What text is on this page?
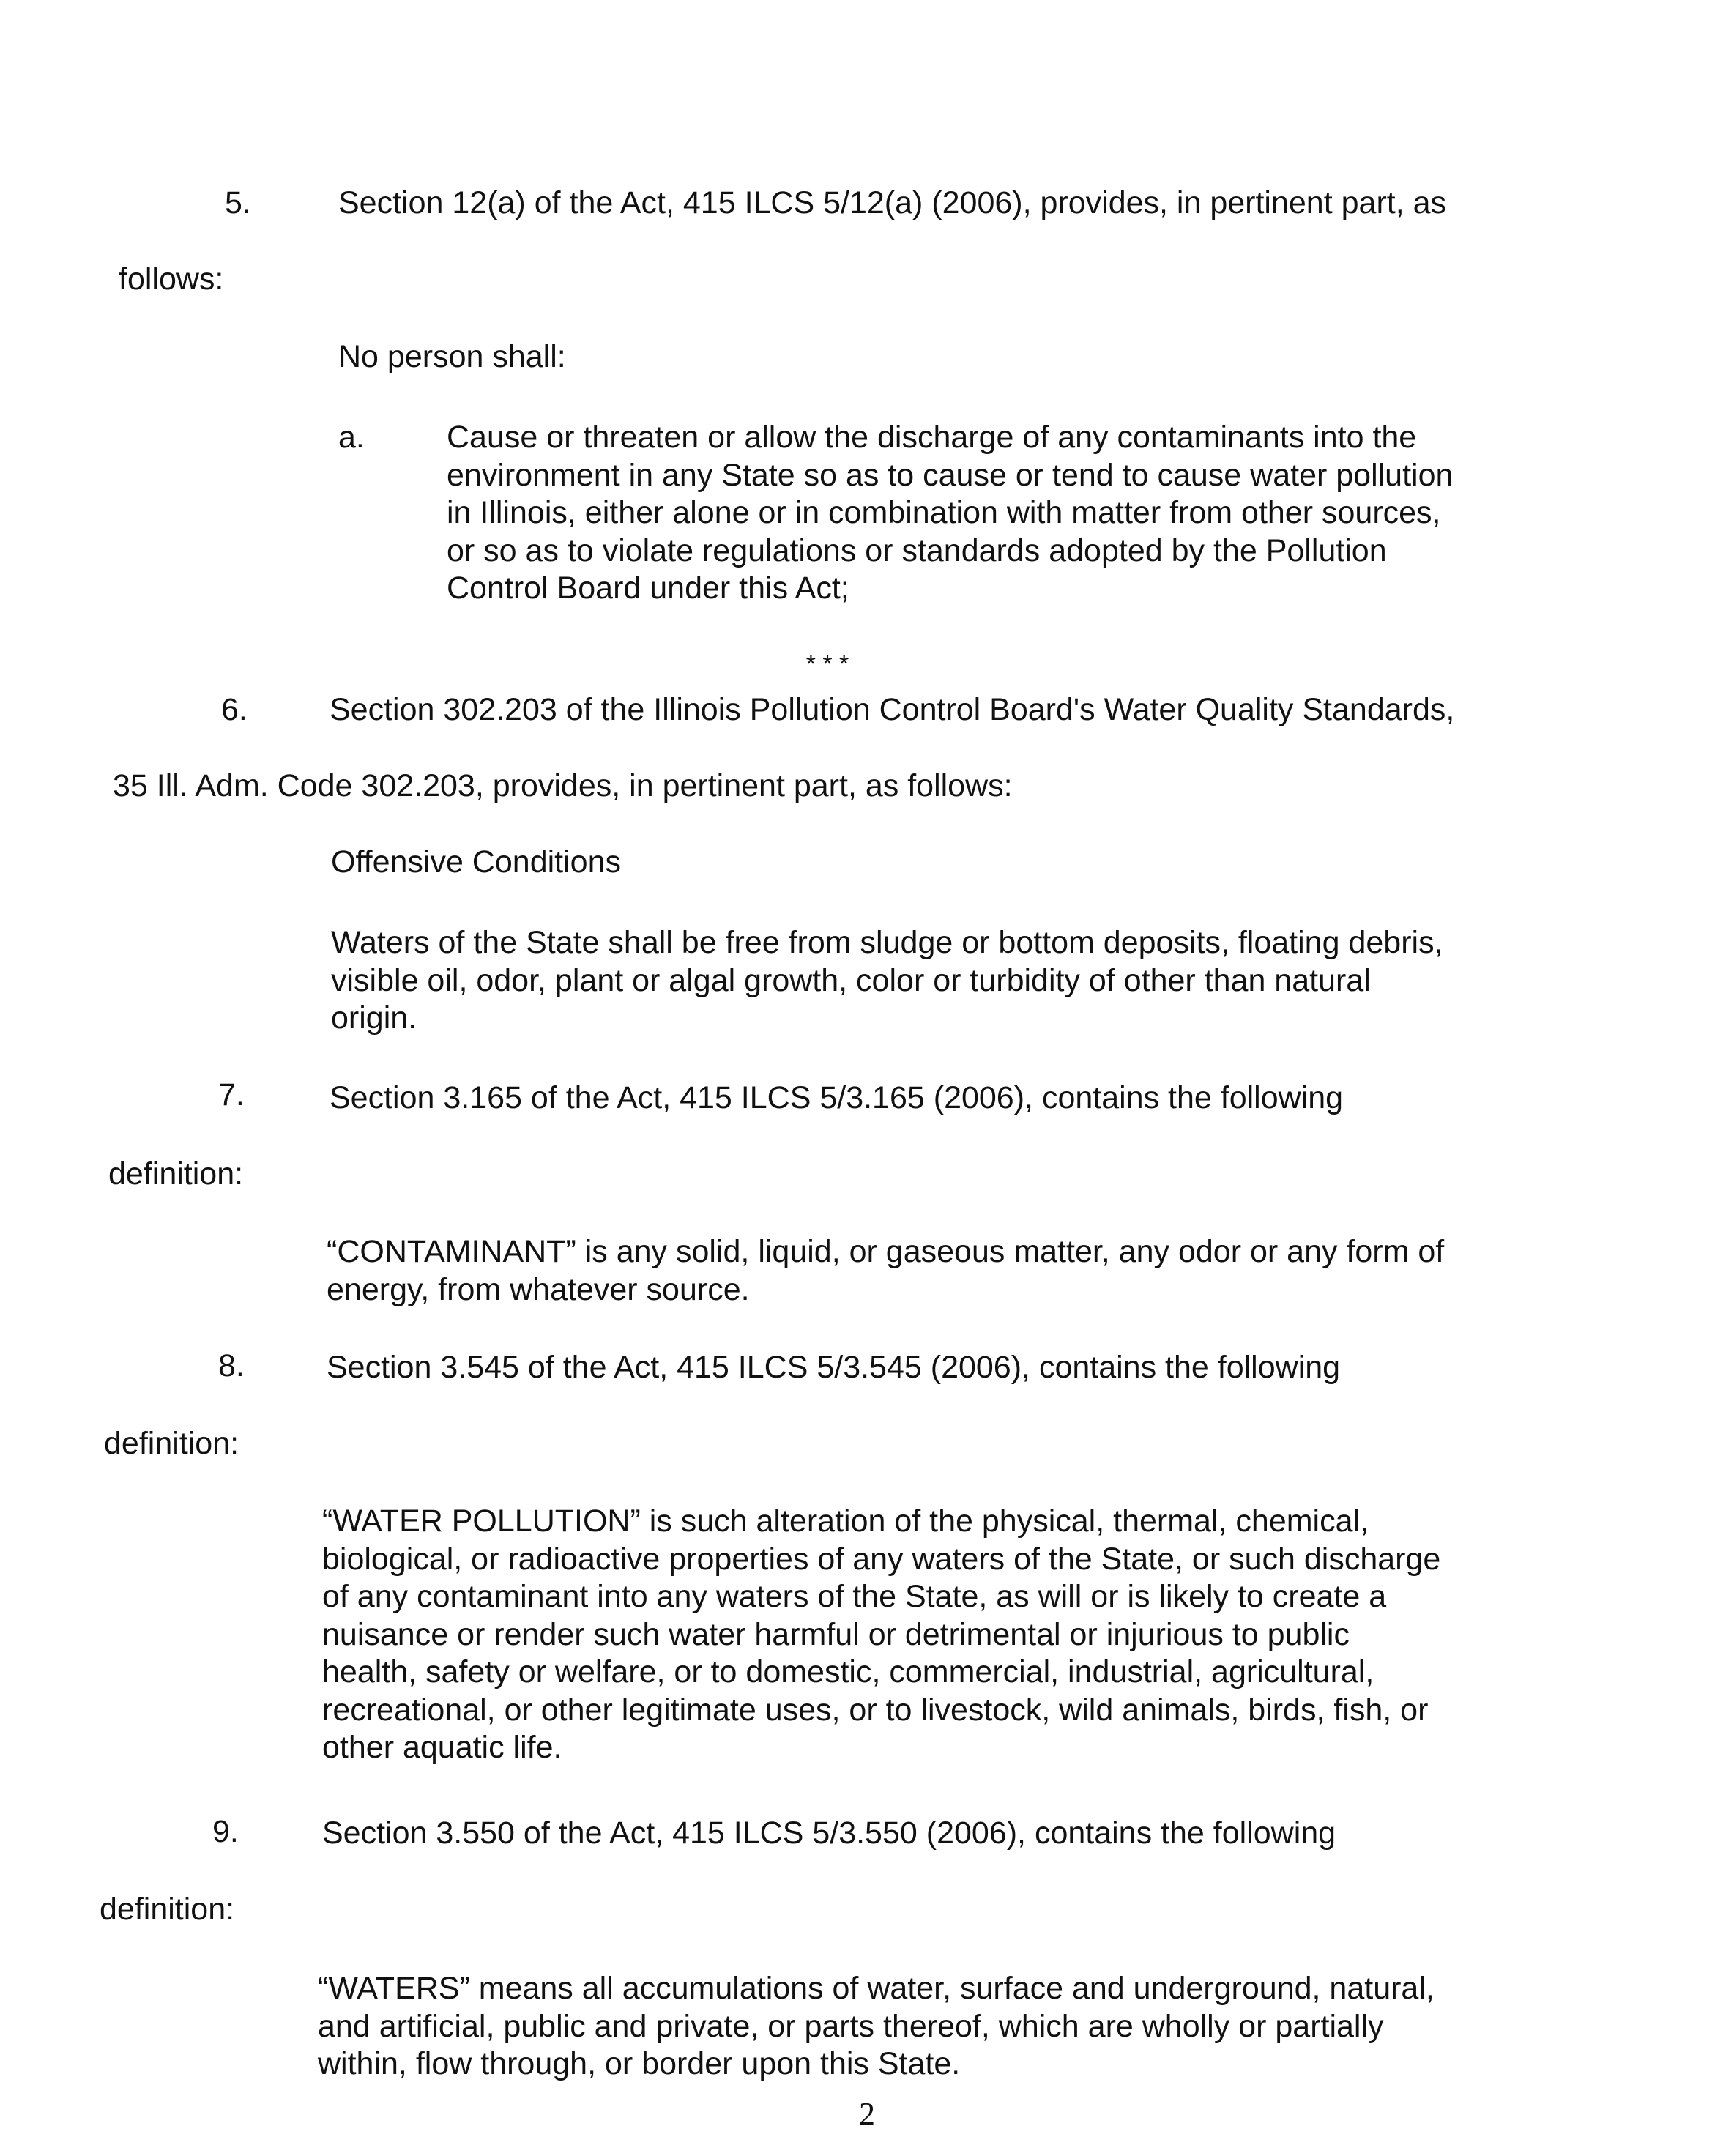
5.	Section 12(a) of the Act, 415 ILCS 5/12(a) (2006), provides, in pertinent part, as

follows:

No person shall:

a.	Cause or threaten or allow the discharge of any contaminants into the
environment in any State so as to cause or tend to cause water pollution
in Illinois, either alone or in combination with matter from other sources,
or so as to violate regulations or standards adopted by the Pollution
Control Board under this Act;

* * *

6.	Section 302.203 of the Illinois Pollution Control Board's Water Quality Standards,

35 Ill. Adm. Code 302.203, provides, in pertinent part, as follows:

Offensive Conditions

Waters of the State shall be free from sludge or bottom deposits, floating debris,
visible oil, odor, plant or algal growth, color or turbidity of other than natural
origin.

7.	Section 3.165 of the Act, 415 ILCS 5/3.165 (2006), contains the following

definition:

“CONTAMINANT” is any solid, liquid, or gaseous matter, any odor or any form of
energy, from whatever source.

8.	Section 3.545 of the Act, 415 ILCS 5/3.545 (2006), contains the following

definition:

“WATER POLLUTION” is such alteration of the physical, thermal, chemical,
biological, or radioactive properties of any waters of the State, or such discharge
of any contaminant into any waters of the State, as will or is likely to create a
nuisance or render such water harmful or detrimental or injurious to public
health, safety or welfare, or to domestic, commercial, industrial, agricultural,
recreational, or other legitimate uses, or to livestock, wild animals, birds, fish, or
other aquatic life.

9.	Section 3.550 of the Act, 415 ILCS 5/3.550 (2006), contains the following

definition:

“WATERS” means all accumulations of water, surface and underground, natural,
and artificial, public and private, or parts thereof, which are wholly or partially
within, flow through, or border upon this State.
2
